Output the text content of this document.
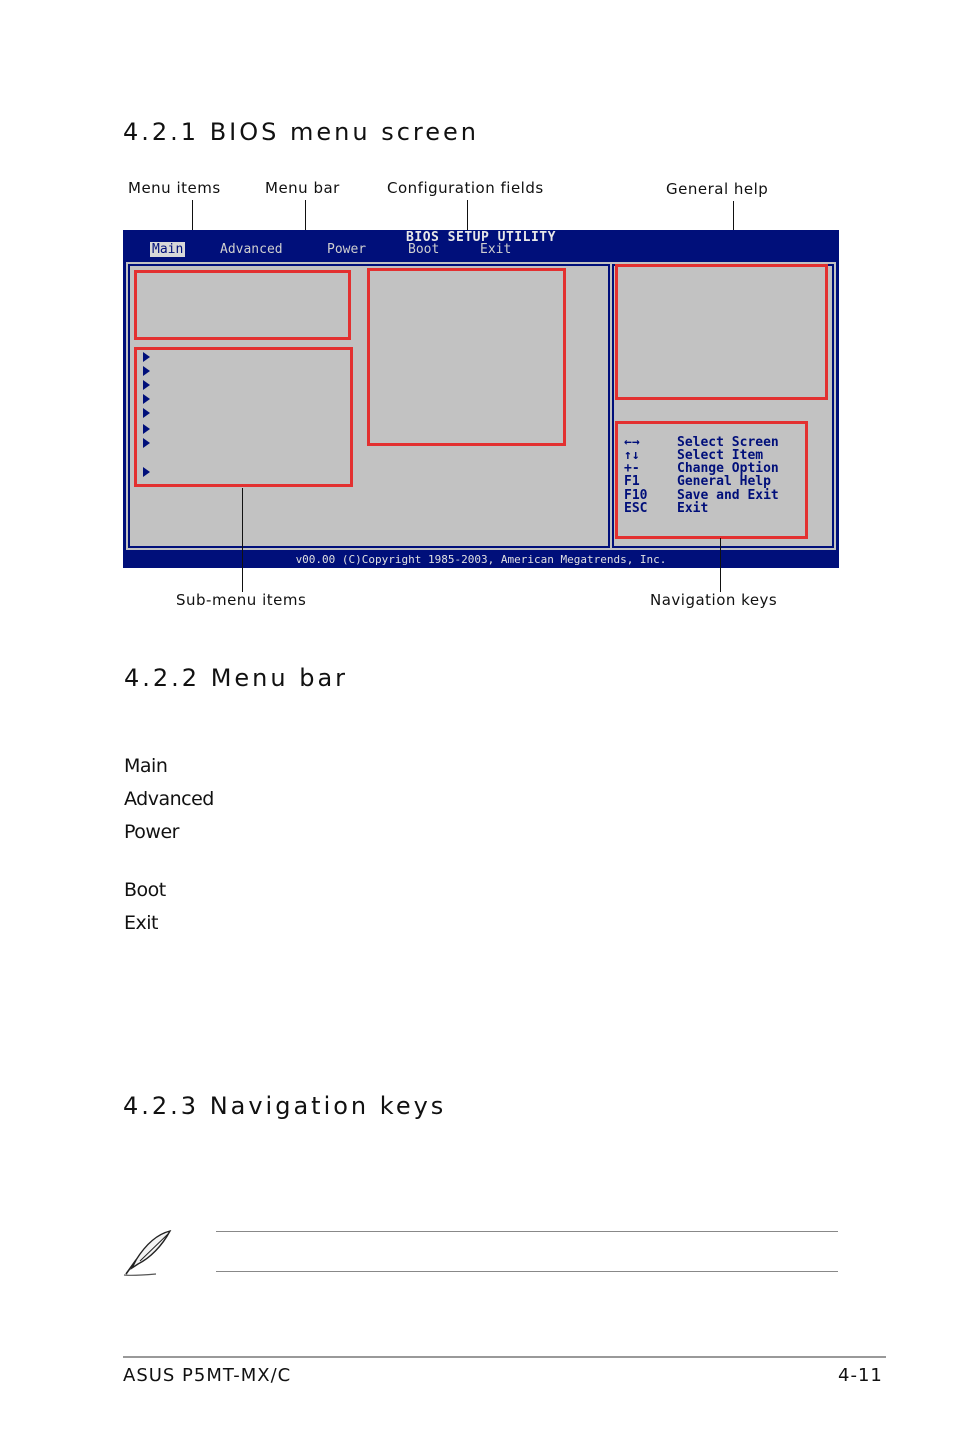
4.2.1 BIOS menu screen
Menu items	Menu bar	Configuration fields	General help
BIOS SETUP UTILITY
Main	Advanced	Power	Boot	Exit
←→	Select Screen
↑↓	Select Item
+-	Change Option
F1	General Help
F10 Save and Exit
ESC Exit
v00.00 (C)Copyright 1985-2003, American Megatrends, Inc.
Sub-menu items	Navigation keys
4.2.2 Menu bar
Main
Advanced
Power
Boot
Exit
4.2.3 Navigation keys
ASUS P5MT-MX/C	4-11
